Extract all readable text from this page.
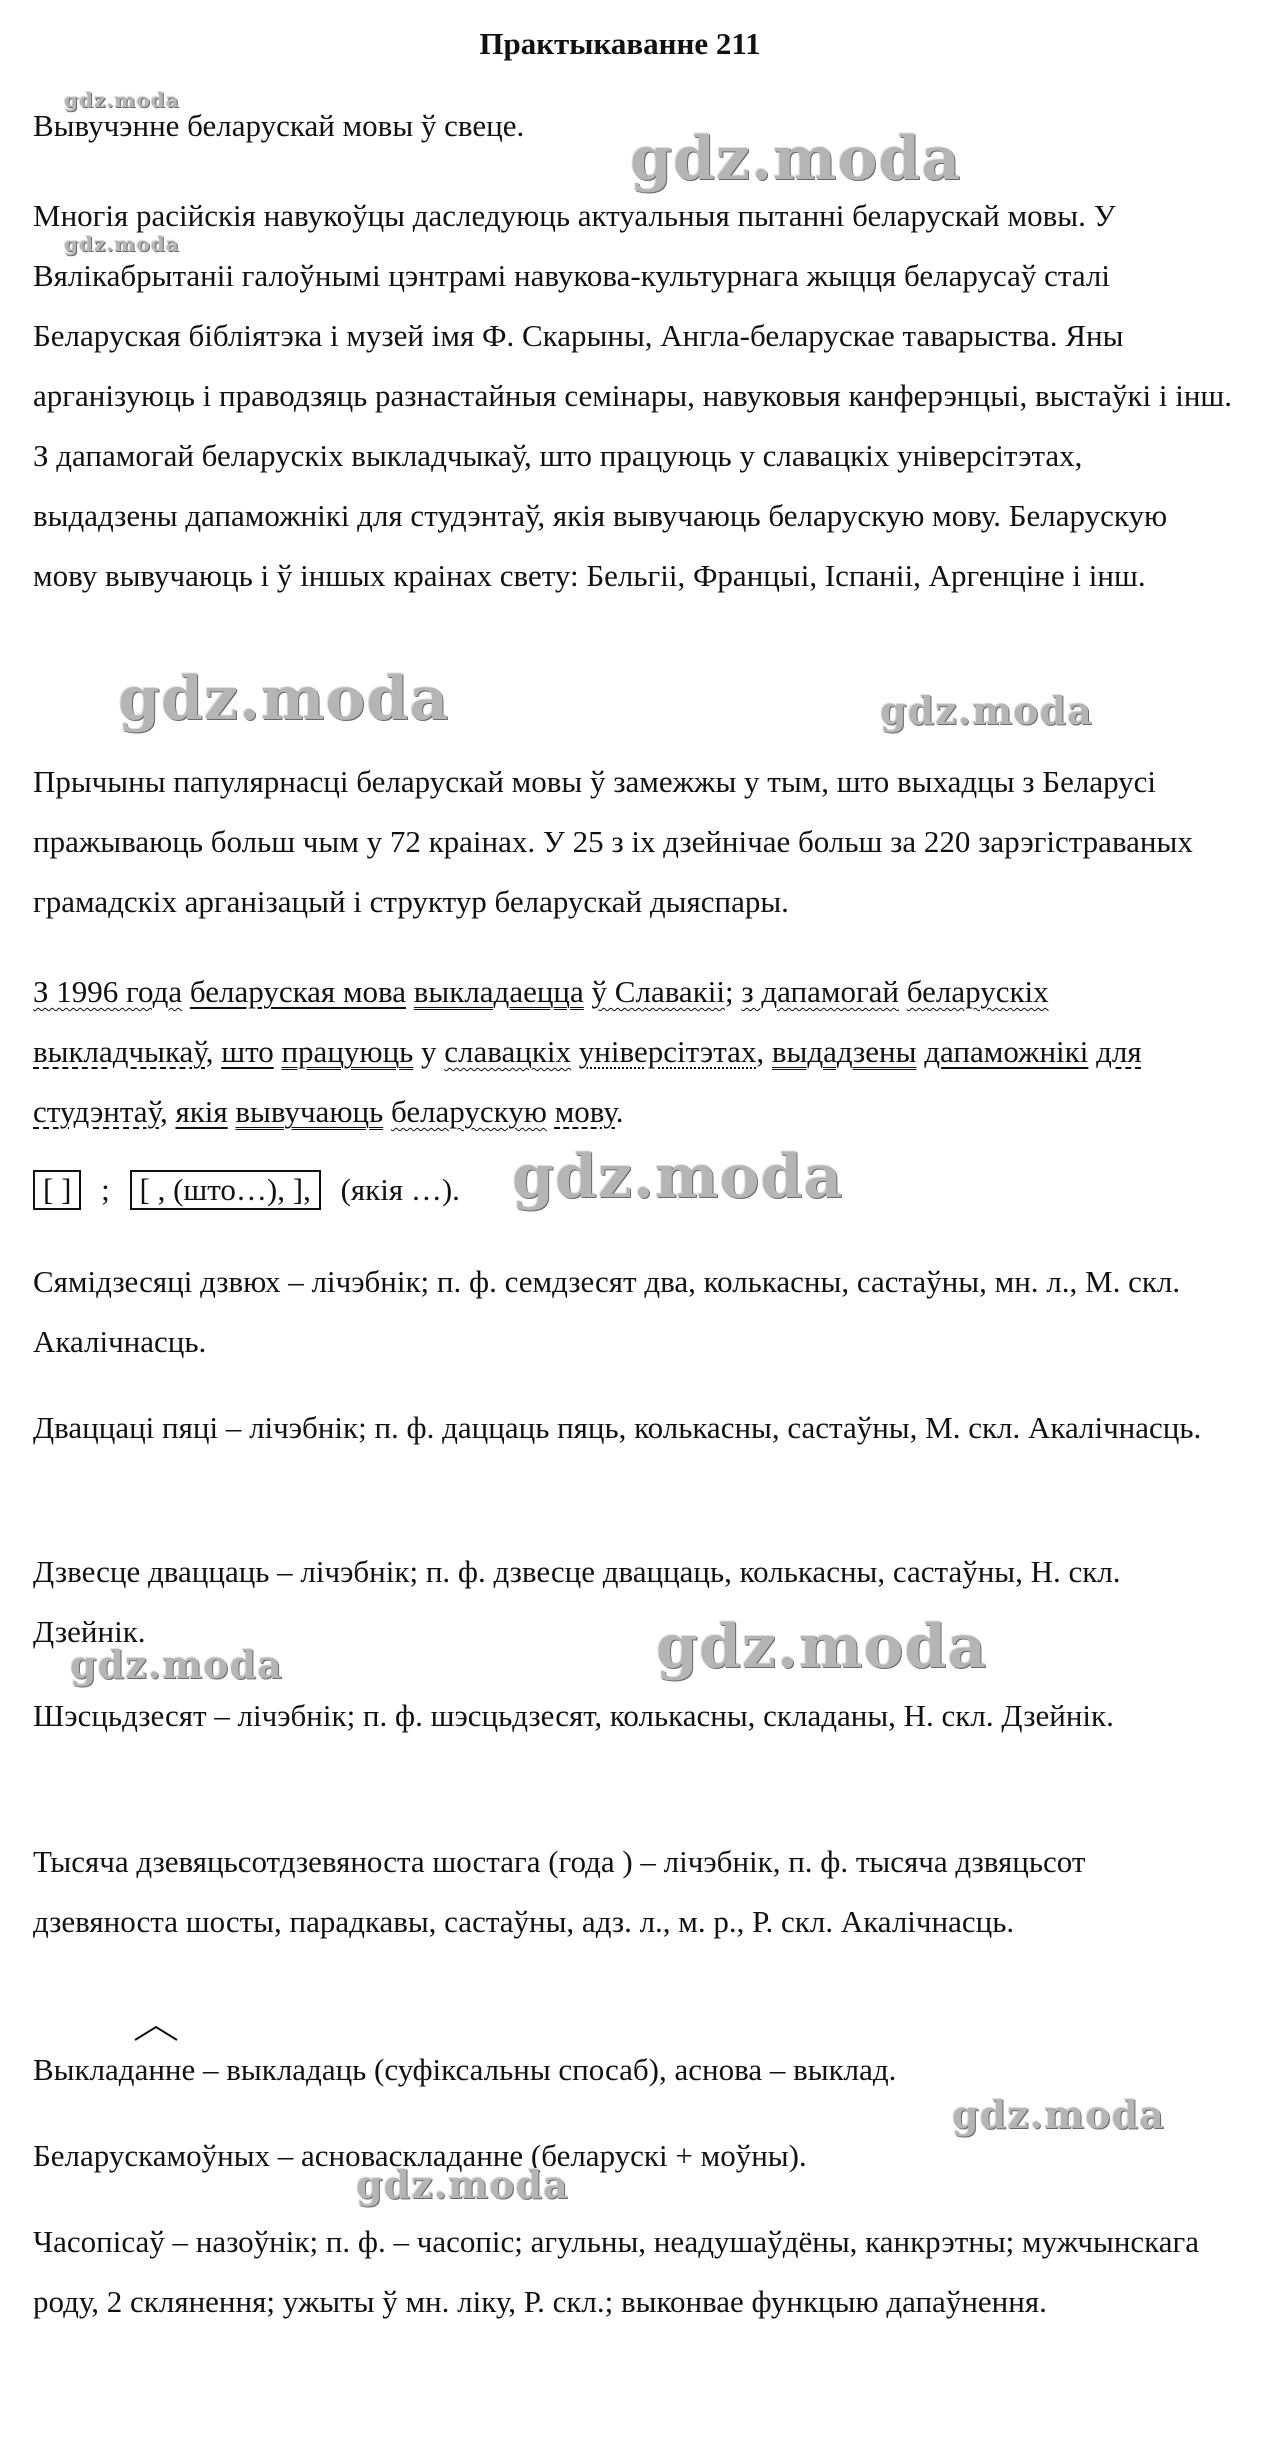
Практыкаванне 211

Вывучэнне беларускай мовы ў свеце.

Многія расійскія навукоўцы даследуюць актуальныя пытанні беларускай мовы. У Вялікабрытаніі галоўнымі цэнтрамі навукова-культурнага жыцця беларусаў сталі Беларуская бібліятэка і музей імя Ф. Скарыны, Англа-беларускае таварыства. Яны арганізуюць і праводзяць разнастайныя семінары, навуковыя канферэнцыі, выстаўкі і інш. З дапамогай беларускіх выкладчыкаў, што працуюць у славацкіх універсітэтах, выдадзены дапаможнікі для студэнтаў, якія вывучаюць беларускую мову. Беларускую мову вывучаюць і ў іншых краінах свету: Бельгіі, Францыі, Іспаніі, Аргенціне і інш.

Прычыны папулярнасці беларускай мовы ў замежжы у тым, што выхадцы з Беларусі пражываюць больш чым у 72 краінах. У 25 з іх дзейнічае больш за 220 зарэгістраваных грамадскіх арганізацый і структур беларускай дыяспары.

З 1996 года беларуская мова выкладаецца ў Славакіі; з дапамогай беларускіх выкладчыкаў, што працуюць у славацкіх універсітэтах, выдадзены дапаможнікі для студэнтаў, якія вывучаюць беларускую мову.

[ ] ; [ , (што…), ], (якія …).

Сямідзесяці дзвюх – лічэбнік; п. ф. семдзесят два, колькасны, састаўны, мн. л., М. скл. Акалічнасць.

Дваццаці пяці – лічэбнік; п. ф. даццаць пяць, колькасны, састаўны, М. скл. Акалічнасць.

Дзвесце дваццаць – лічэбнік; п. ф. дзвесце дваццаць, колькасны, састаўны, Н. скл. Дзейнік.

Шэсцьдзесят – лічэбнік; п. ф. шэсцьдзесят, колькасны, складаны, Н. скл. Дзейнік.

Тысяча дзевяцьсотдзевяноста шостага (года ) – лічэбнік, п. ф. тысяча дзвяцьсот дзевяноста шосты, парадкавы, састаўны, адз. л., м. р., Р. скл. Акалічнасць.

Выклад
анне – выкладаць (суфіксальны спосаб), аснова – выклад.

Беларускамоўных – асноваскладанне (беларускі + моўны).

Часопісаў – назоўнік; п. ф. – часопіс; агульны, неадушаўдёны, канкрэтны; мужчынскага роду, 2 склянення; ужыты ў мн. ліку, Р. скл.; выконвае функцыю дапаўнення.

gdz.moda
gdz.moda
gdz.moda
gdz.moda	gdz.moda
gdz.moda
gdz.moda	gdz.moda
gdz.moda
gdz.moda
